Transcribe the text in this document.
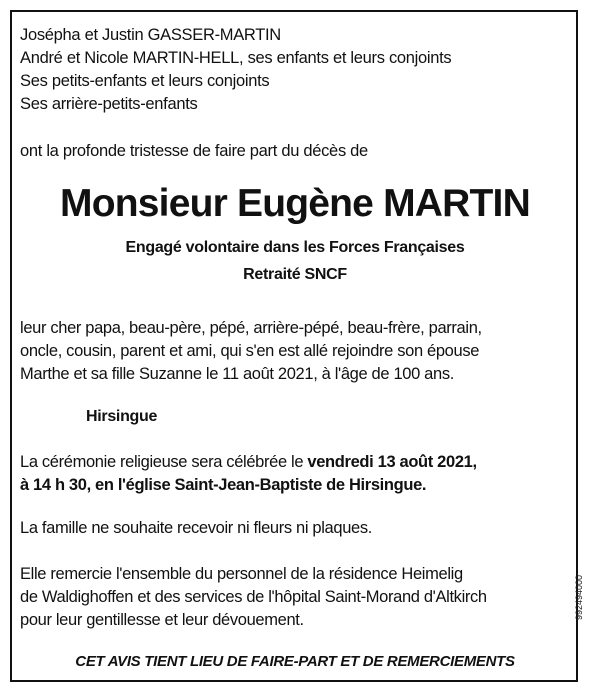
Joséphа et Justin GASSER-MARTIN
André et Nicole MARTIN-HELL, ses enfants et leurs conjoints
Ses petits-enfants et leurs conjoints
Ses arrière-petits-enfants
ont la profonde tristesse de faire part du décès de
Monsieur Eugène MARTIN
Engagé volontaire dans les Forces Françaises
Retraité SNCF
leur cher papa, beau-père, pépé, arrière-pépé, beau-frère, parrain,
oncle, cousin, parent et ami, qui s'en est allé rejoindre son épouse
Marthe et sa fille Suzanne le 11 août 2021, à l'âge de 100 ans.
Hirsingue
La cérémonie religieuse sera célébrée le vendredi 13 août 2021,
à 14 h 30, en l'église Saint-Jean-Baptiste de Hirsingue.
La famille ne souhaite recevoir ni fleurs ni plaques.
Elle remercie l'ensemble du personnel de la résidence Heimelig
de Waldighoffen et des services de l'hôpital Saint-Morand d'Altkirch
pour leur gentillesse et leur dévouement.
CET AVIS TIENT LIEU DE FAIRE-PART ET DE REMERCIEMENTS
992494000
